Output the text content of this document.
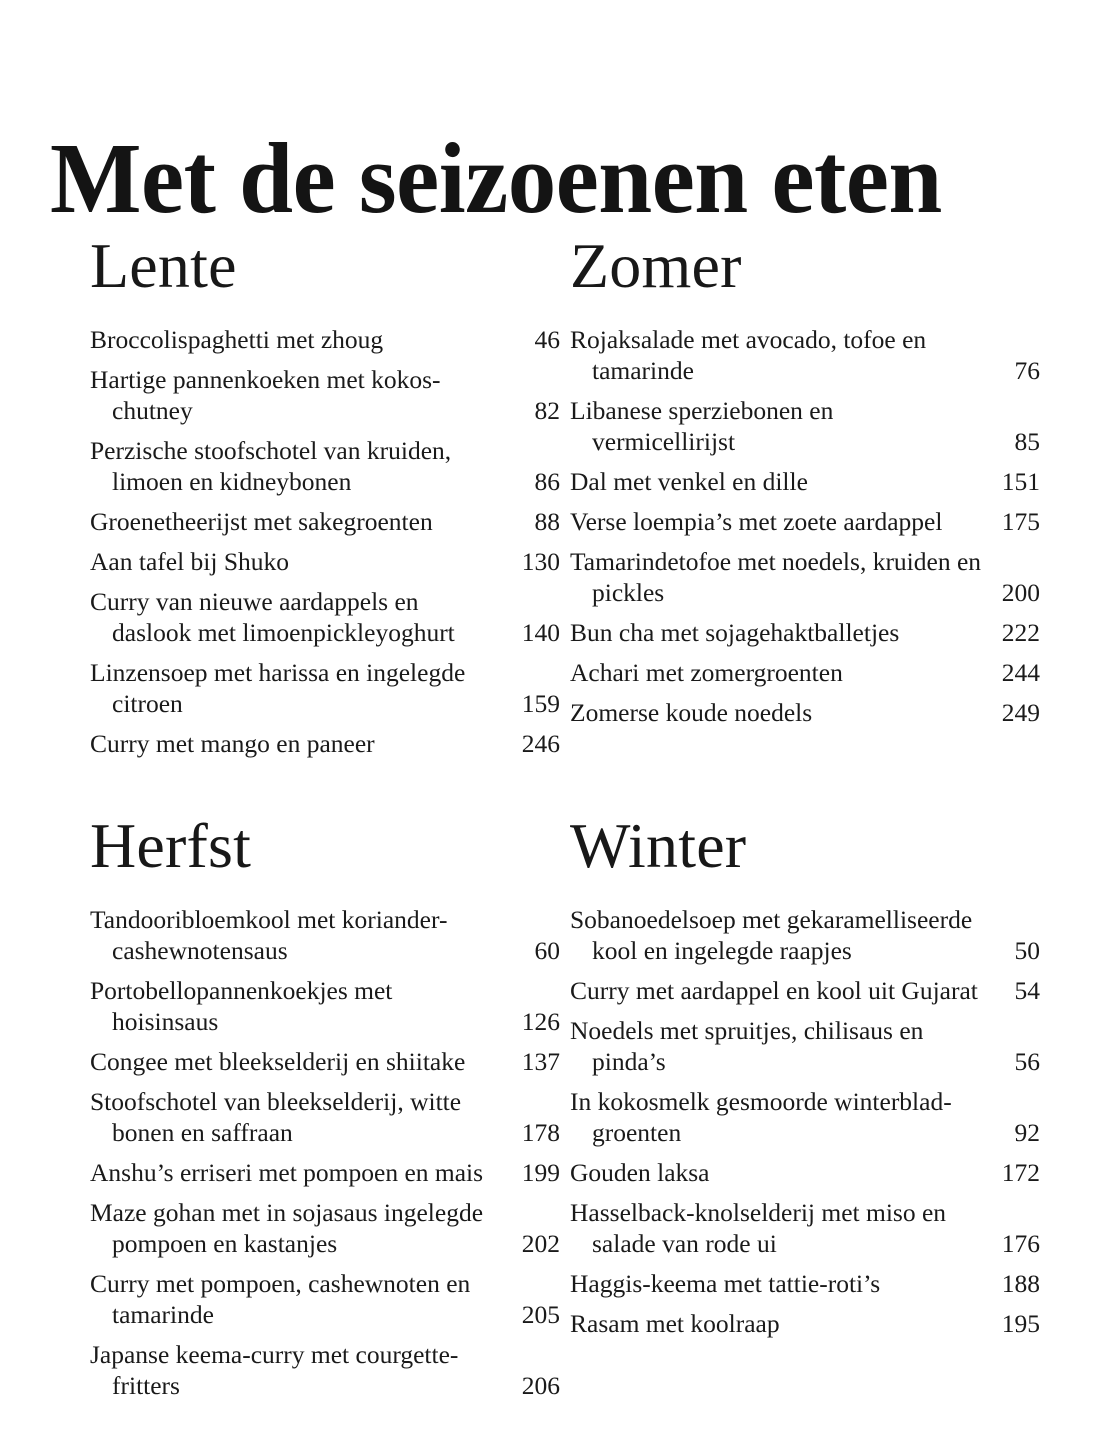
Met de seizoenen eten
Lente
Broccolispaghetti met zhoug	46
Hartige pannenkoeken met kokos-chutney	82
Perzische stoofschotel van kruiden, limoen en kidneybonen	86
Groenetheerijst met sakegroenten	88
Aan tafel bij Shuko	130
Curry van nieuwe aardappels en daslook met limoenpickleyoghurt	140
Linzensoep met harissa en ingelegde citroen	159
Curry met mango en paneer	246
Zomer
Rojaksalade met avocado, tofoe en tamarinde	76
Libanese sperziebonen en vermicellirijst	85
Dal met venkel en dille	151
Verse loempia’s met zoete aardappel	175
Tamarindetofoe met noedels, kruiden en pickles	200
Bun cha met sojagehaktballetjes	222
Achari met zomergroenten	244
Zomerse koude noedels	249
Herfst
Tandooribloemkool met koriander-cashewnotensaus	60
Portobellopannenkoekjes met hoisinsaus	126
Congee met bleekselderij en shiitake	137
Stoofschotel van bleekselderij, witte bonen en saffraan	178
Anshu’s erriseri met pompoen en mais	199
Maze gohan met in sojasaus ingelegde pompoen en kastanjes	202
Curry met pompoen, cashewnoten en tamarinde	205
Japanse keema-curry met courgette-fritters	206
Winter
Sobanoedelsoep met gekaramelliseerde kool en ingelegde raapjes	50
Curry met aardappel en kool uit Gujarat	54
Noedels met spruitjes, chilisaus en pinda’s	56
In kokosmelk gesmoorde winterblad-groenten	92
Gouden laksa	172
Hasselback-knolselderij met miso en salade van rode ui	176
Haggis-keema met tattie-roti’s	188
Rasam met koolraap	195
